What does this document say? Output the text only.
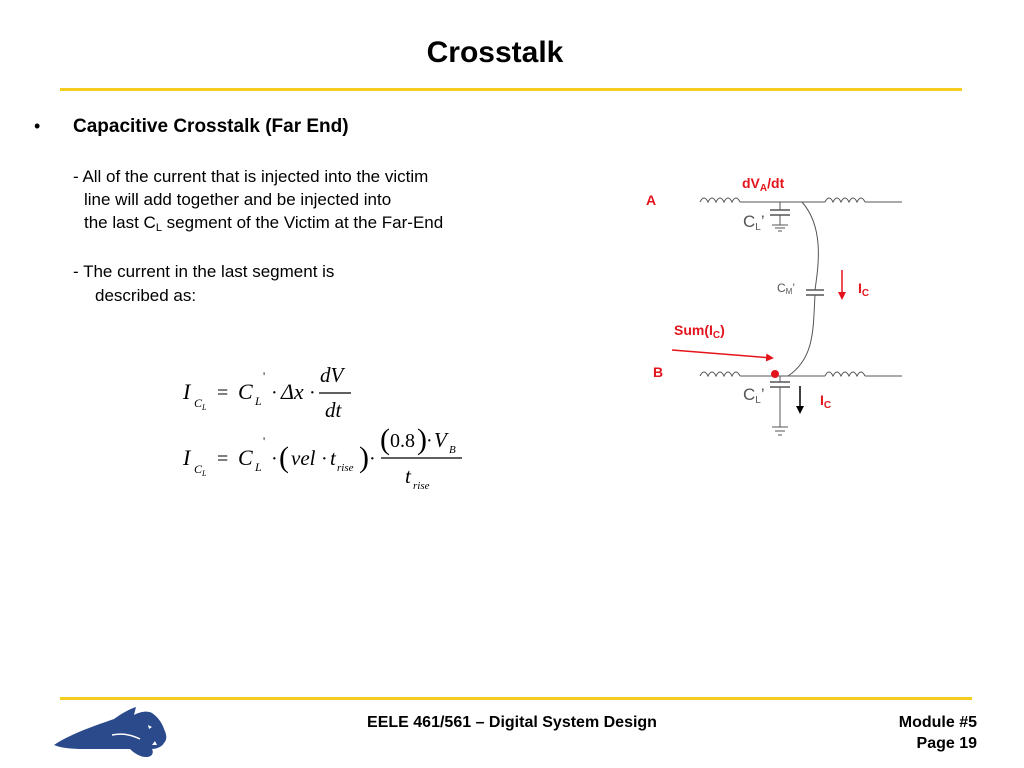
Crosstalk
• Capacitive Crosstalk (Far End)
- All of the current that is injected into the victim
line will add together and be injected into
the last $C_L$ segment of the Victim at the Far-End
- The current in the last segment is
described as:
I C L
= C
'
L · Δx ·
dV
dt
I C L
= C
'
L · ( vel · t rise ) ·
( 0.8 ) · V B
t rise
$dV_A/dt$
A
B
CL’
CM’	$I_C$
$Sum(I_C)$
CL’	$I_C$
EELE 461/561 – Digital System Design	Module #5
Page 19
